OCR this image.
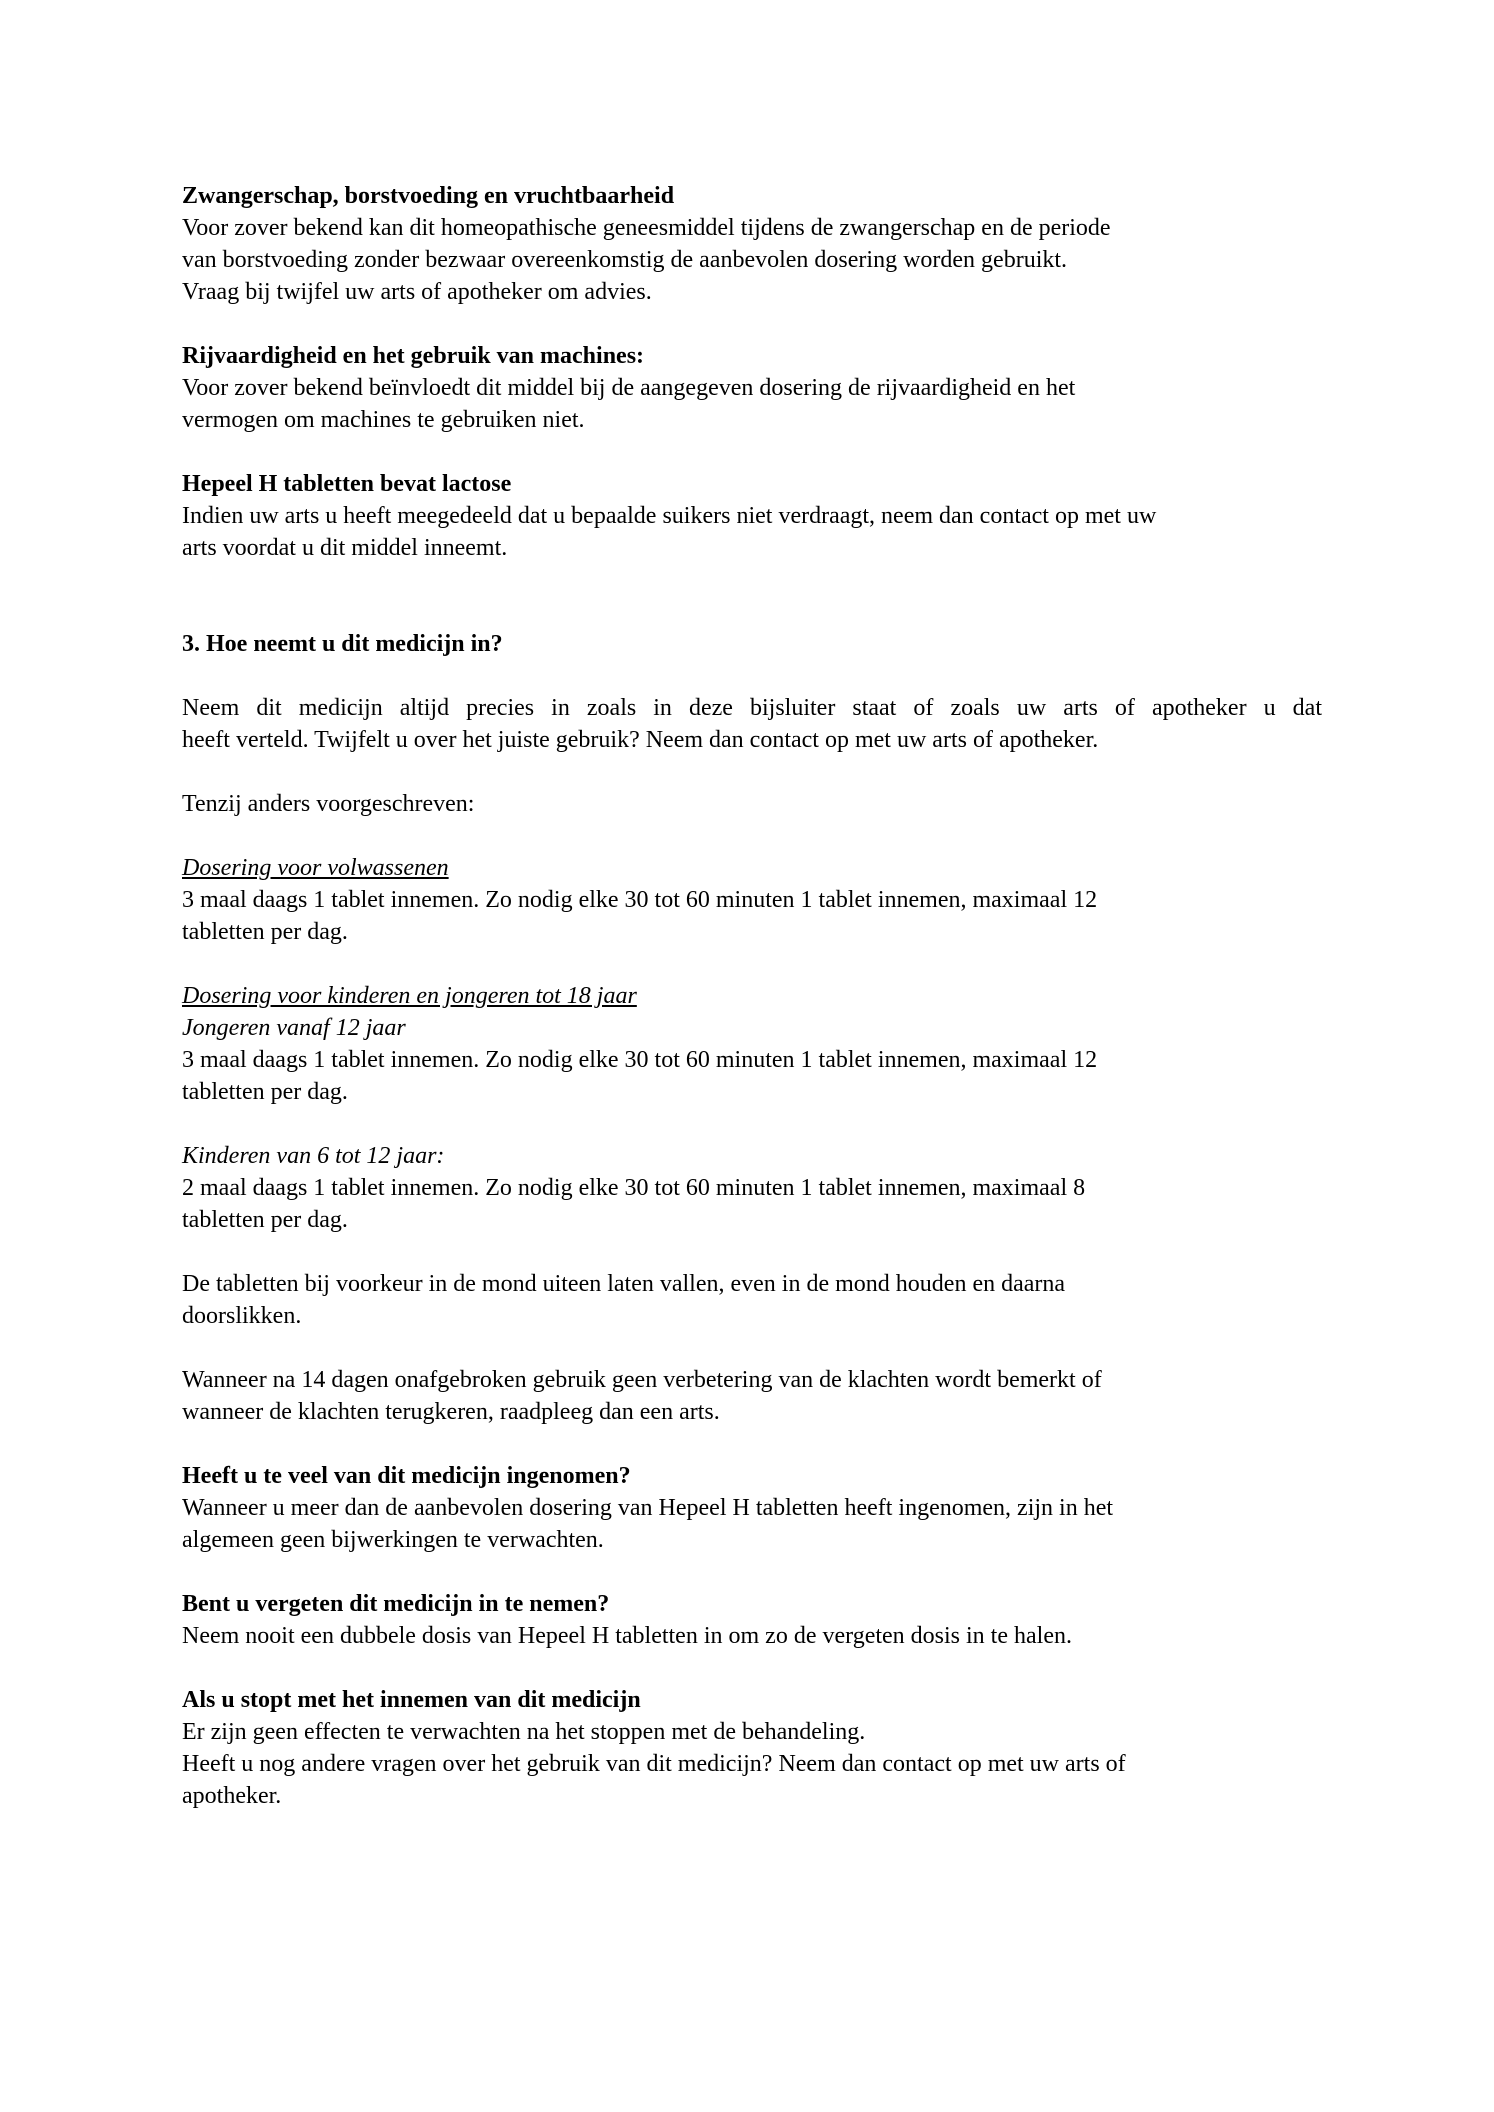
Zwangerschap, borstvoeding en vruchtbaarheid
Voor zover bekend kan dit homeopathische geneesmiddel tijdens de zwangerschap en de periode
van borstvoeding zonder bezwaar overeenkomstig de aanbevolen dosering worden gebruikt.
Vraag bij twijfel uw arts of apotheker om advies.
Rijvaardigheid en het gebruik van machines:
Voor zover bekend beïnvloedt dit middel bij de aangegeven dosering de rijvaardigheid en het
vermogen om machines te gebruiken niet.
Hepeel H tabletten bevat lactose
Indien uw arts u heeft meegedeeld dat u bepaalde suikers niet verdraagt, neem dan contact op met uw
arts voordat u dit middel inneemt.
3. Hoe neemt u dit medicijn in?
Neem dit medicijn altijd precies in zoals in deze bijsluiter staat of zoals uw arts of apotheker u dat
heeft verteld. Twijfelt u over het juiste gebruik? Neem dan contact op met uw arts of apotheker.
Tenzij anders voorgeschreven:
Dosering voor volwassenen
3 maal daags 1 tablet innemen. Zo nodig elke 30 tot 60 minuten 1 tablet innemen, maximaal 12
tabletten per dag.
Dosering voor kinderen en jongeren tot 18 jaar
Jongeren vanaf 12 jaar
3 maal daags 1 tablet innemen. Zo nodig elke 30 tot 60 minuten 1 tablet innemen, maximaal 12
tabletten per dag.
Kinderen van 6 tot 12 jaar:
2 maal daags 1 tablet innemen. Zo nodig elke 30 tot 60 minuten 1 tablet innemen, maximaal 8
tabletten per dag.
De tabletten bij voorkeur in de mond uiteen laten vallen, even in de mond houden en daarna
doorslikken.
Wanneer na 14 dagen onafgebroken gebruik geen verbetering van de klachten wordt bemerkt of
wanneer de klachten terugkeren, raadpleeg dan een arts.
Heeft u te veel van dit medicijn ingenomen?
Wanneer u meer dan de aanbevolen dosering van Hepeel H tabletten heeft ingenomen, zijn in het
algemeen geen bijwerkingen te verwachten.
Bent u vergeten dit medicijn in te nemen?
Neem nooit een dubbele dosis van Hepeel H tabletten in om zo de vergeten dosis in te halen.
Als u stopt met het innemen van dit medicijn
Er zijn geen effecten te verwachten na het stoppen met de behandeling.
Heeft u nog andere vragen over het gebruik van dit medicijn? Neem dan contact op met uw arts of
apotheker.
